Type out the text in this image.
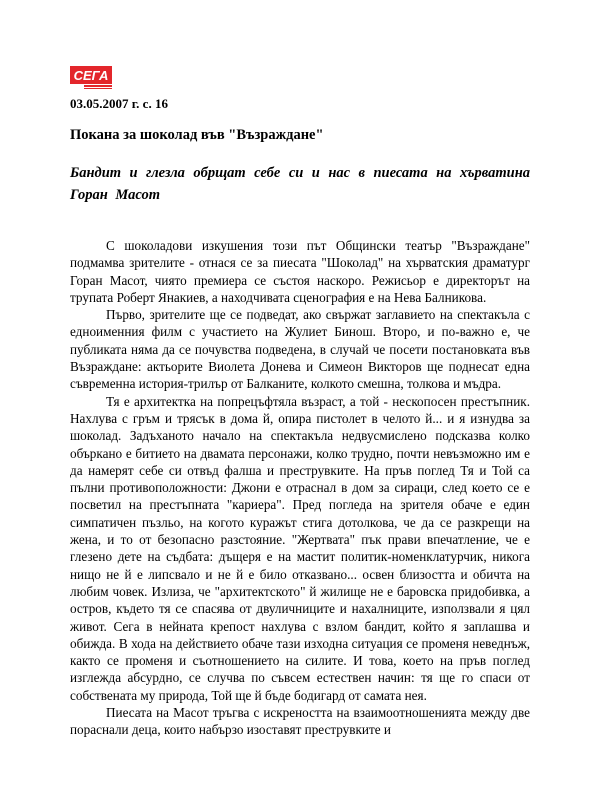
СЕГА

03.05.2007 г. с. 16

Покана за шоколад във "Възраждане"
Бандит и глезла обрщат себе си и нас в пиесата на хърватина Горан Масот

С шоколадови изкушения този път Общински театър "Възраждане" подмамва зрителите - отнася се за пиесата "Шоколад" на хърватския драматург Горан Масот, чиято премиера се състоя наскоро. Режисьор е директорът на трупата Роберт Янакиев, а находчивата сценография е на Нева Балникова.

Първо, зрителите ще се подведат, ако свържат заглавието на спектакъла с едноименния филм с участието на Жулиет Бинош. Второ, и по-важно е, че публиката няма да се почувства подведена, в случай че посети постановката във Възраждане: актьорите Виолета Донева и Симеон Викторов ще поднесат една съвременна история-трилър от Балканите, колкото смешна, толкова и мъдра.

Тя е архитектка на попрецъфтяла възраст, а той - нескопосен престъпник. Нахлува с гръм и трясък в дома й, опира пистолет в челото й... и я изнудва за шоколад. Задъханото начало на спектакъла недвусмислено подсказва колко объркано е битието на двамата персонажи, колко трудно, почти невъзможно им е да намерят себе си отвъд фалша и преструвките. На пръв поглед Тя и Той са пълни противоположности: Джони е отраснал в дом за сираци, след което се е посветил на престъпната "кариера". Пред погледа на зрителя обаче е един симпатичен пъзльо, на когото куражът стига дотолкова, че да се разкрещи на жена, и то от безопасно разстояние. "Жертвата" пък прави впечатление, че е глезено дете на съдбата: дъщеря е на мастит политик-номенклатурчик, никога нищо не й е липсвало и не й е било отказвано... освен близостта и обичта на любим човек. Излиза, че "архитектското" й жилище не е баровска придобивка, а остров, където тя се спасява от двуличниците и нахалниците, използвали я цял живот. Сега в нейната крепост нахлува с взлом бандит, който я заплашва и обижда. В хода на действието обаче тази изходна ситуация се променя неведнъж, както се променя и съотношението на силите. И това, което на пръв поглед изглежда абсурдно, се случва по съвсем естествен начин: тя ще го спаси от собствената му природа, Той ще й бъде бодигард от самата нея.

Пиесата на Масот тръгва с искреността на взаимоотношенията между две пораснали деца, които набързо изоставят преструвките и
